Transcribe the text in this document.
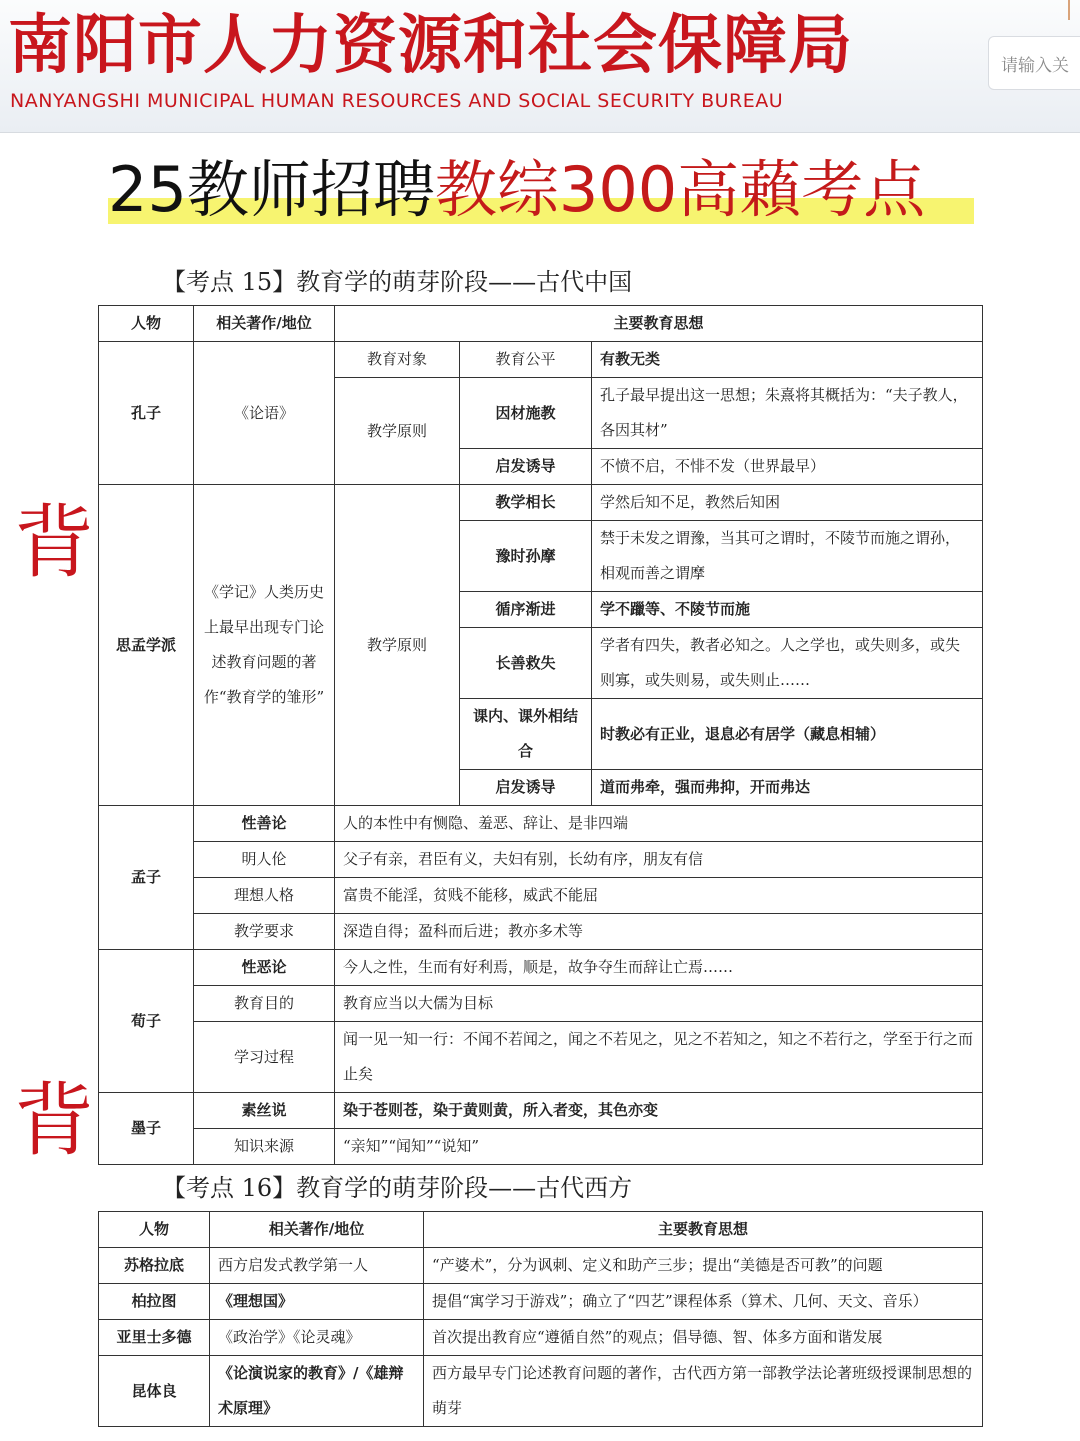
南阳市人力资源和社会保障局
NANYANGSHI MUNICIPAL HUMAN RESOURCES AND SOCIAL SECURITY BUREAU
请输入关
25教师招聘教综300高藾考点
背
背
【考点 15】教育学的萌芽阶段——古代中国
人物	相关著作/地位	主要教育思想		
孔子	《论语》	教育对象	教育公平	有教无类
		教学原则	因材施教	孔子最早提出这一思想；朱熹将其概括为：“夫子教人，各因其材”

			启发诱导	不愤不启，不悱不发（世界最早）
思孟学派	《学记》人类历史上最早出现专门论述教育问题的著作“教育学的雏形”	教学原则	教学相长	学然后知不足，教然后知困
			豫时孙摩	禁于未发之谓豫，当其可之谓时，不陵节而施之谓孙，相观而善之谓摩
			循序渐进	学不躐等、不陵节而施
			长善救失	学者有四失，教者必知之。人之学也，或失则多，或失则寡，或失则易，或失则止……
			课内、课外相结合	时教必有正业，退息必有居学（藏息相辅）
			启发诱导	道而弗牵，强而弗抑，开而弗达
孟子	性善论	人的本性中有恻隐、羞恶、辞让、是非四端		
	明人伦	父子有亲，君臣有义，夫妇有别，长幼有序，朋友有信		
	理想人格	富贵不能淫，贫贱不能移，威武不能屈		
	教学要求	深造自得；盈科而后进；教亦多术等		
荀子	性恶论	今人之性，生而有好利焉，顺是，故争夺生而辞让亡焉……		
	教育目的	教育应当以大儒为目标		
	学习过程	闻一见一知一行：不闻不若闻之，闻之不若见之，见之不若知之，知之不若行之，学至于行之而止矣		
墨子	素丝说	染于苍则苍，染于黄则黄，所入者变，其色亦变		
	知识来源	“亲知”“闻知”“说知”		
【考点 16】教育学的萌芽阶段——古代西方
人物	相关著作/地位	主要教育思想
苏格拉底	西方启发式教学第一人	“产婆术”，分为讽刺、定义和助产三步；提出“美德是否可教”的问题
柏拉图	《理想国》	提倡“寓学习于游戏”；确立了“四艺”课程体系（算术、几何、天文、音乐）
亚里士多德	《政治学》《论灵魂》	首次提出教育应“遵循自然”的观点；倡导德、智、体多方面和谐发展
昆体良	《论演说家的教育》/《雄辩术原理》	西方最早专门论述教育问题的著作，古代西方第一部教学法论著班级授课制思想的萌芽
